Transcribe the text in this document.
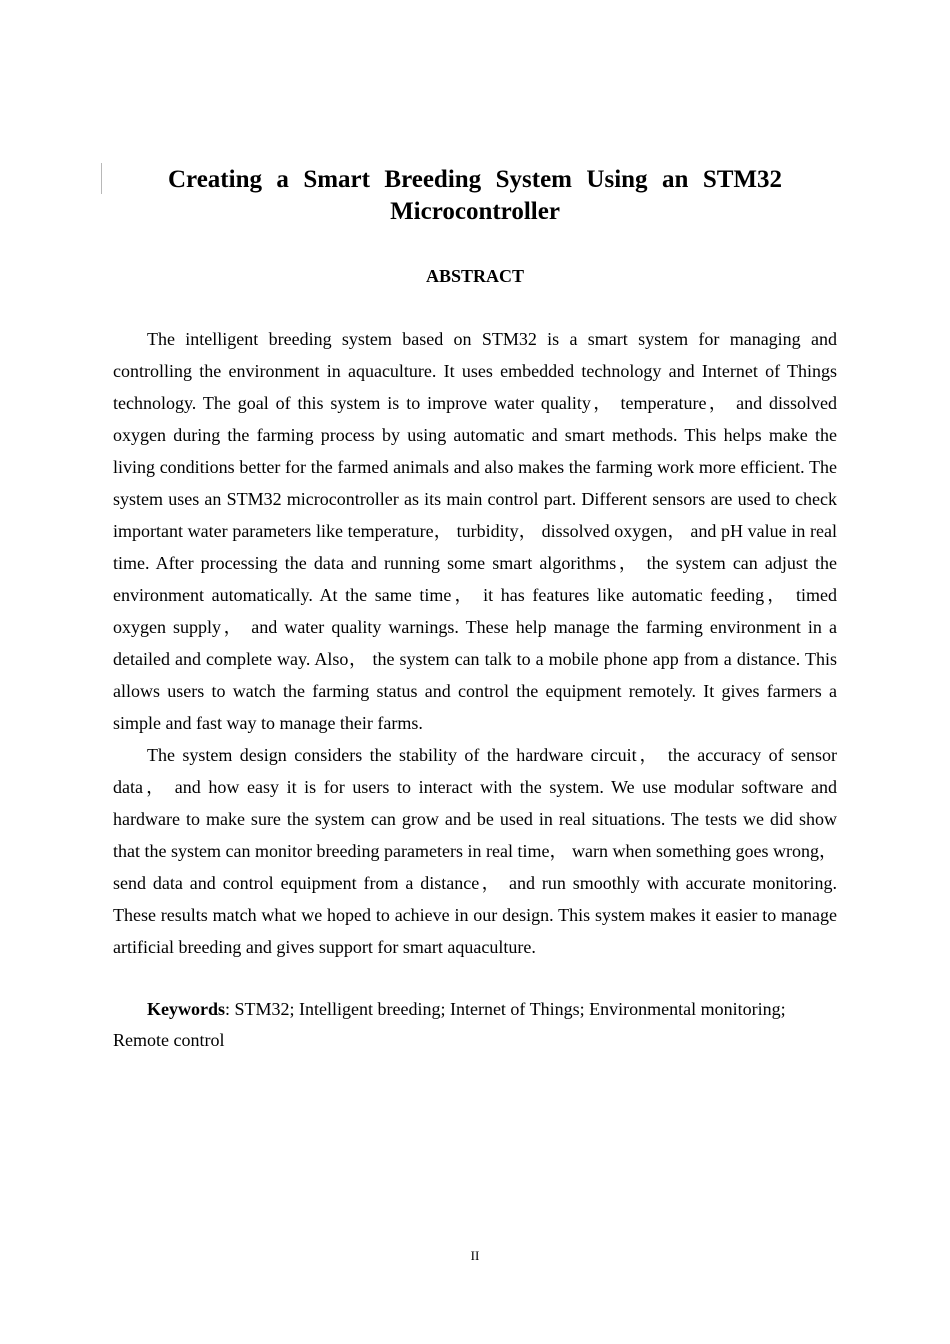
Creating a Smart Breeding System Using an STM32
Microcontroller
ABSTRACT

The intelligent breeding system based on STM32 is a smart system for managing and controlling the environment in aquaculture. It uses embedded technology and Internet of Things technology. The goal of this system is to improve water quality， temperature， and dissolved oxygen during the farming process by using automatic and smart methods. This helps make the living conditions better for the farmed animals and also makes the farming work more efficient. The system uses an STM32 microcontroller as its main control part. Different sensors are used to check important water parameters like temperature， turbidity， dissolved oxygen， and pH value in real time. After processing the data and running some smart algorithms， the system can adjust the environment automatically. At the same time， it has features like automatic feeding， timed oxygen supply， and water quality warnings. These help manage the farming environment in a detailed and complete way. Also， the system can talk to a mobile phone app from a distance. This allows users to watch the farming status and control the equipment remotely. It gives farmers a simple and fast way to manage their farms.

The system design considers the stability of the hardware circuit， the accuracy of sensor data， and how easy it is for users to interact with the system. We use modular software and hardware to make sure the system can grow and be used in real situations. The tests we did show that the system can monitor breeding parameters in real time， warn when something goes wrong， send data and control equipment from a distance， and run smoothly with accurate monitoring. These results match what we hoped to achieve in our design. This system makes it easier to manage artificial breeding and gives support for smart aquaculture.

Keywords: STM32; Intelligent breeding; Internet of Things; Environmental monitoring; Remote control

II
